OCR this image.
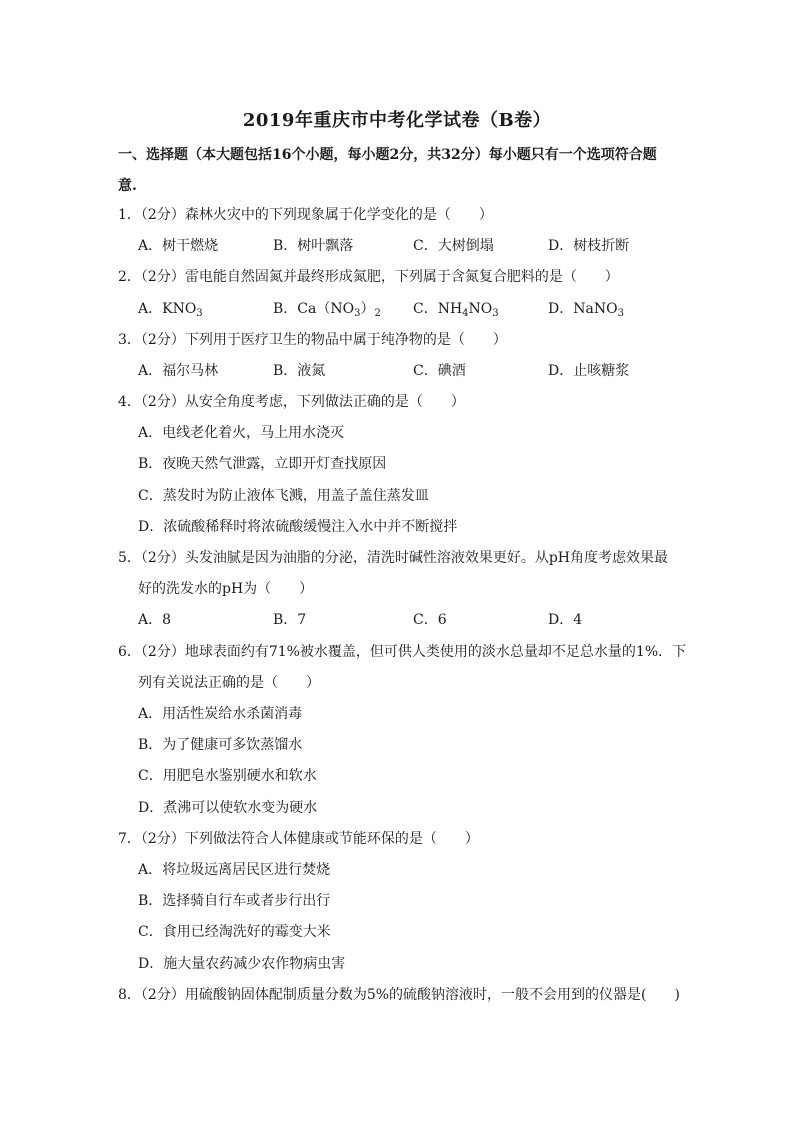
2019年重庆市中考化学试卷（B卷）
一、选择题（本大题包括16个小题，每小题2分，共32分）每小题只有一个选项符合题
意.
1．（2分）森林火灾中的下列现象属于化学变化的是（　　）
A．树干燃烧	B．树叶飘落	C．大树倒塌	D．树枝折断
2．（2分）雷电能自然固氮并最终形成氮肥，下列属于含氮复合肥料的是（　　）
A．$KNO_3$	B．$Ca(NO_3)_2$ C．$NH_4NO_3$	D．NaNO$_3$
3．（2分）下列用于医疗卫生的物品中属于纯净物的是（　　）
A．福尔马林	B．液氮	C．碘酒	D．止咳糖浆
4．（2分）从安全角度考虑，下列做法正确的是（　　）
A．电线老化着火，马上用水浇灭
B．夜晚天然气泄露，立即开灯查找原因
C．蒸发时为防止液体飞溅，用盖子盖住蒸发皿
D．浓硫酸稀释时将浓硫酸缓慢注入水中并不断搅拌
5．（2分）头发油腻是因为油脂的分泌，清洗时碱性溶液效果更好。从pH角度考虑效果最
好的洗发水的pH为（　　）
A．8	B．7	C．6	D．4
6．（2分）地球表面约有71%被水覆盖，但可供人类使用的淡水总量却不足总水量的1%．下
列有关说法正确的是（　　）
A．用活性炭给水杀菌消毒
B．为了健康可多饮蒸馏水
C．用肥皂水鉴别硬水和软水
D．煮沸可以使软水变为硬水
7．（2分）下列做法符合人体健康或节能环保的是（　　）
A．将垃圾远离居民区进行焚烧
B．选择骑自行车或者步行出行
C．食用已经淘洗好的霉变大米
D．施大量农药减少农作物病虫害
8．（2分）用硫酸钠固体配制质量分数为5%的硫酸钠溶液时，一般不会用到的仪器是(　　)
